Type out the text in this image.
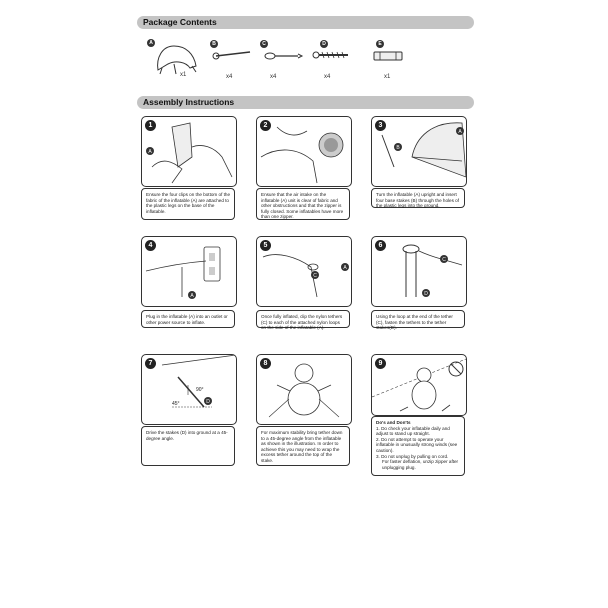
Package Contents
Assembly Instructions
A
x1
B
x4
C
x4
D
x4
E
x1
1
A

Ensure the four clips on the bottom of the fabric of the inflatable (A) are attached to the plastic legs on the base of the inflatable.

2

Ensure that the air intake on the inflatable (A) unit is clear of fabric and other obstructions and that the zipper is fully closed. Some inflatables have more than one zipper.

3
A
B

Turn the inflatable (A) upright and insert four base stakes (B) through the holes of the plastic legs into the ground.

4
A

Plug in the inflatable (A) into an outlet or other power source to inflate.

5
A
C

Once fully inflated, clip the nylon tethers (C) to each of the attached nylon loops on the side of the inflatable (A).

6
C
D

Using the loop at the end of the tether (C), fasten the tethers to the tether stakes(D).

7
90°
45°	D

Drive the stakes (D) into ground at a 45-degree angle.

8

For maximum stability bring tether down to a 45-degree angle from the inflatable as shown in the illustration. In order to achieve this you may need to wrap the excess tether around the top of the stake.

9

Do's and Don'ts

1. Do check your inflatable daily and adjust to stand up straight.

2. Do not attempt to operate your inflatable in unusually strong winds (see caution).

3. Do not unplug by pulling on cord.

For faster deflation, unzip zipper after unplugging plug.
